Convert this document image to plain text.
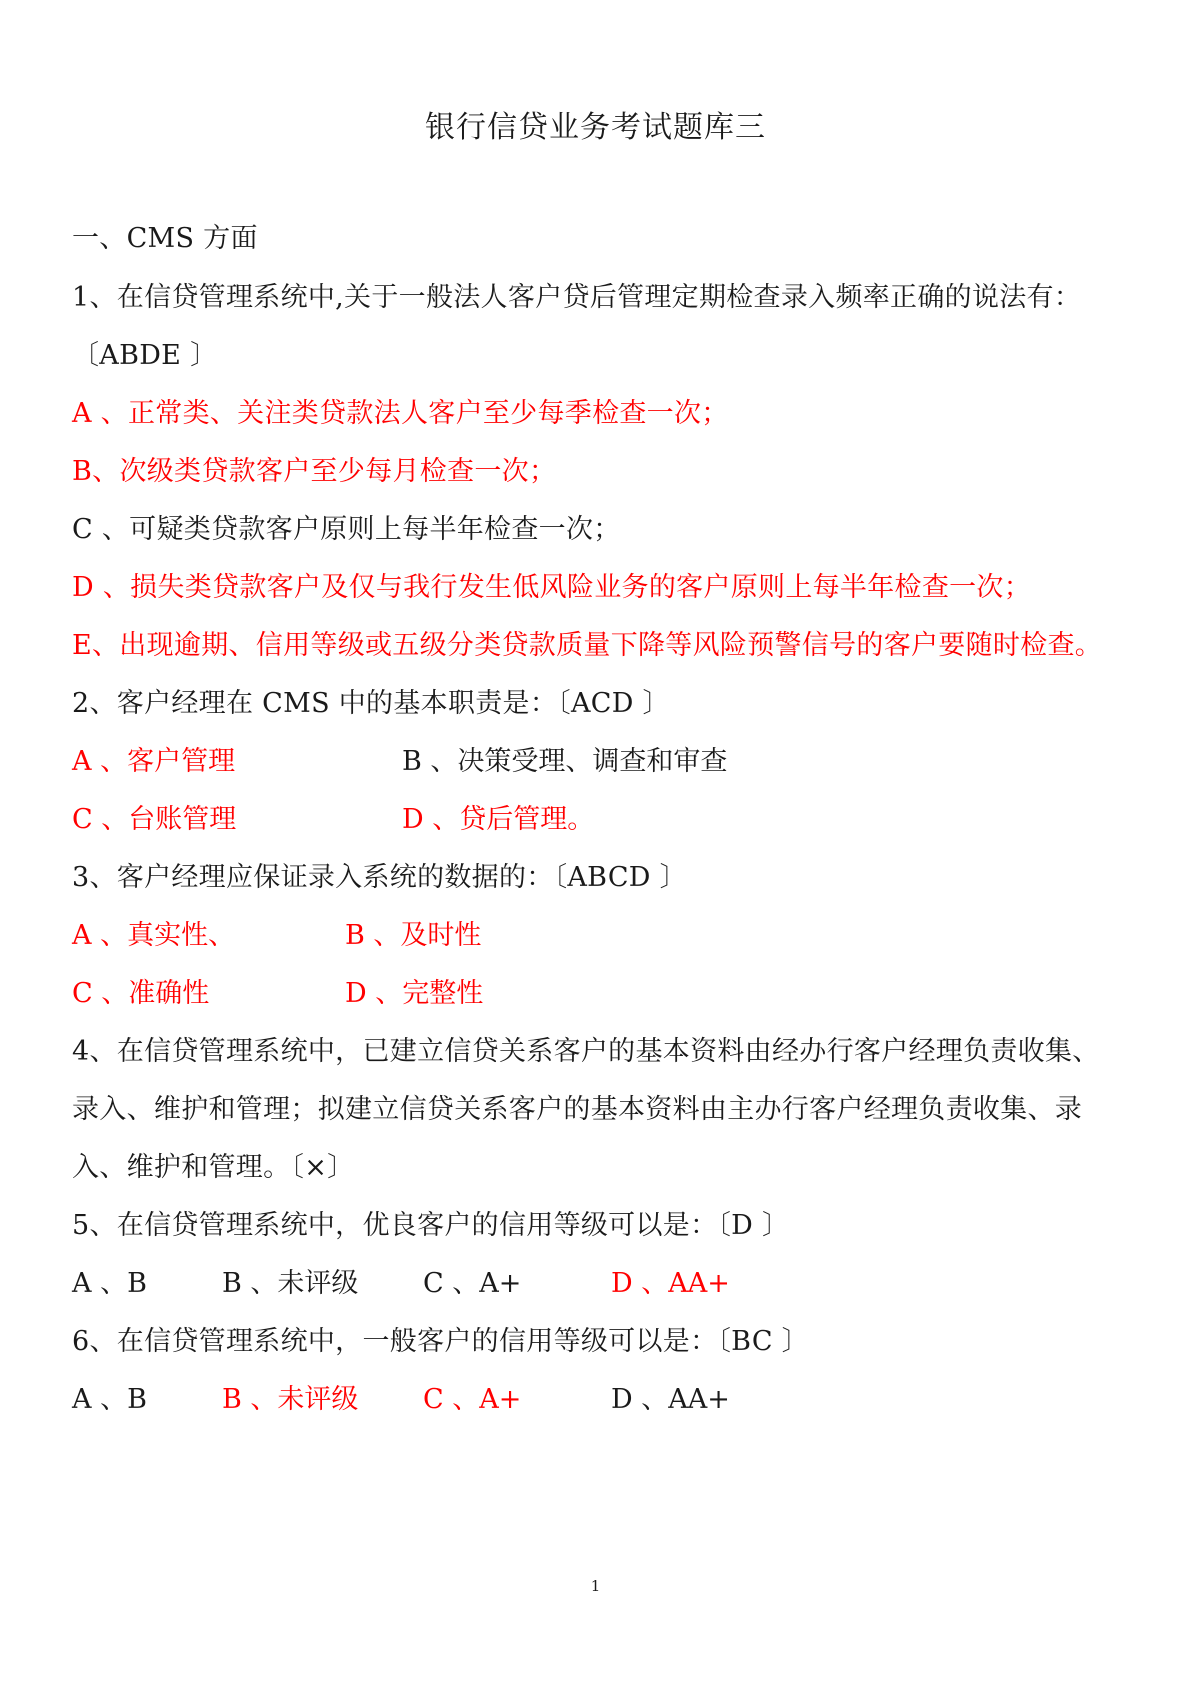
银行信贷业务考试题库三
一、CMS 方面
1、在信贷管理系统中,关于一般法人客户贷后管理定期检查录入频率正确的说法有：
〔ABDE 〕
A 、正常类、关注类贷款法人客户至少每季检查一次；
B、次级类贷款客户至少每月检查一次；
C 、可疑类贷款客户原则上每半年检查一次；
D 、损失类贷款客户及仅与我行发生低风险业务的客户原则上每半年检查一次；
E、出现逾期、信用等级或五级分类贷款质量下降等风险预警信号的客户要随时检查。
2、客户经理在 CMS 中的基本职责是：〔ACD 〕
A 、客户管理	B 、决策受理、调查和审查
C 、台账管理	D 、贷后管理。
3、客户经理应保证录入系统的数据的：〔ABCD 〕
A 、真实性、	B 、及时性
C 、准确性	D 、完整性
4、在信贷管理系统中，已建立信贷关系客户的基本资料由经办行客户经理负责收集、
录入、维护和管理；拟建立信贷关系客户的基本资料由主办行客户经理负责收集、录
入、维护和管理。〔×〕
5、在信贷管理系统中，优良客户的信用等级可以是：〔D 〕
A 、B	B 、未评级 C 、A+	D 、AA+
6、在信贷管理系统中，一般客户的信用等级可以是：〔BC 〕
A 、B	B 、未评级 C 、A+	D 、AA+
1
